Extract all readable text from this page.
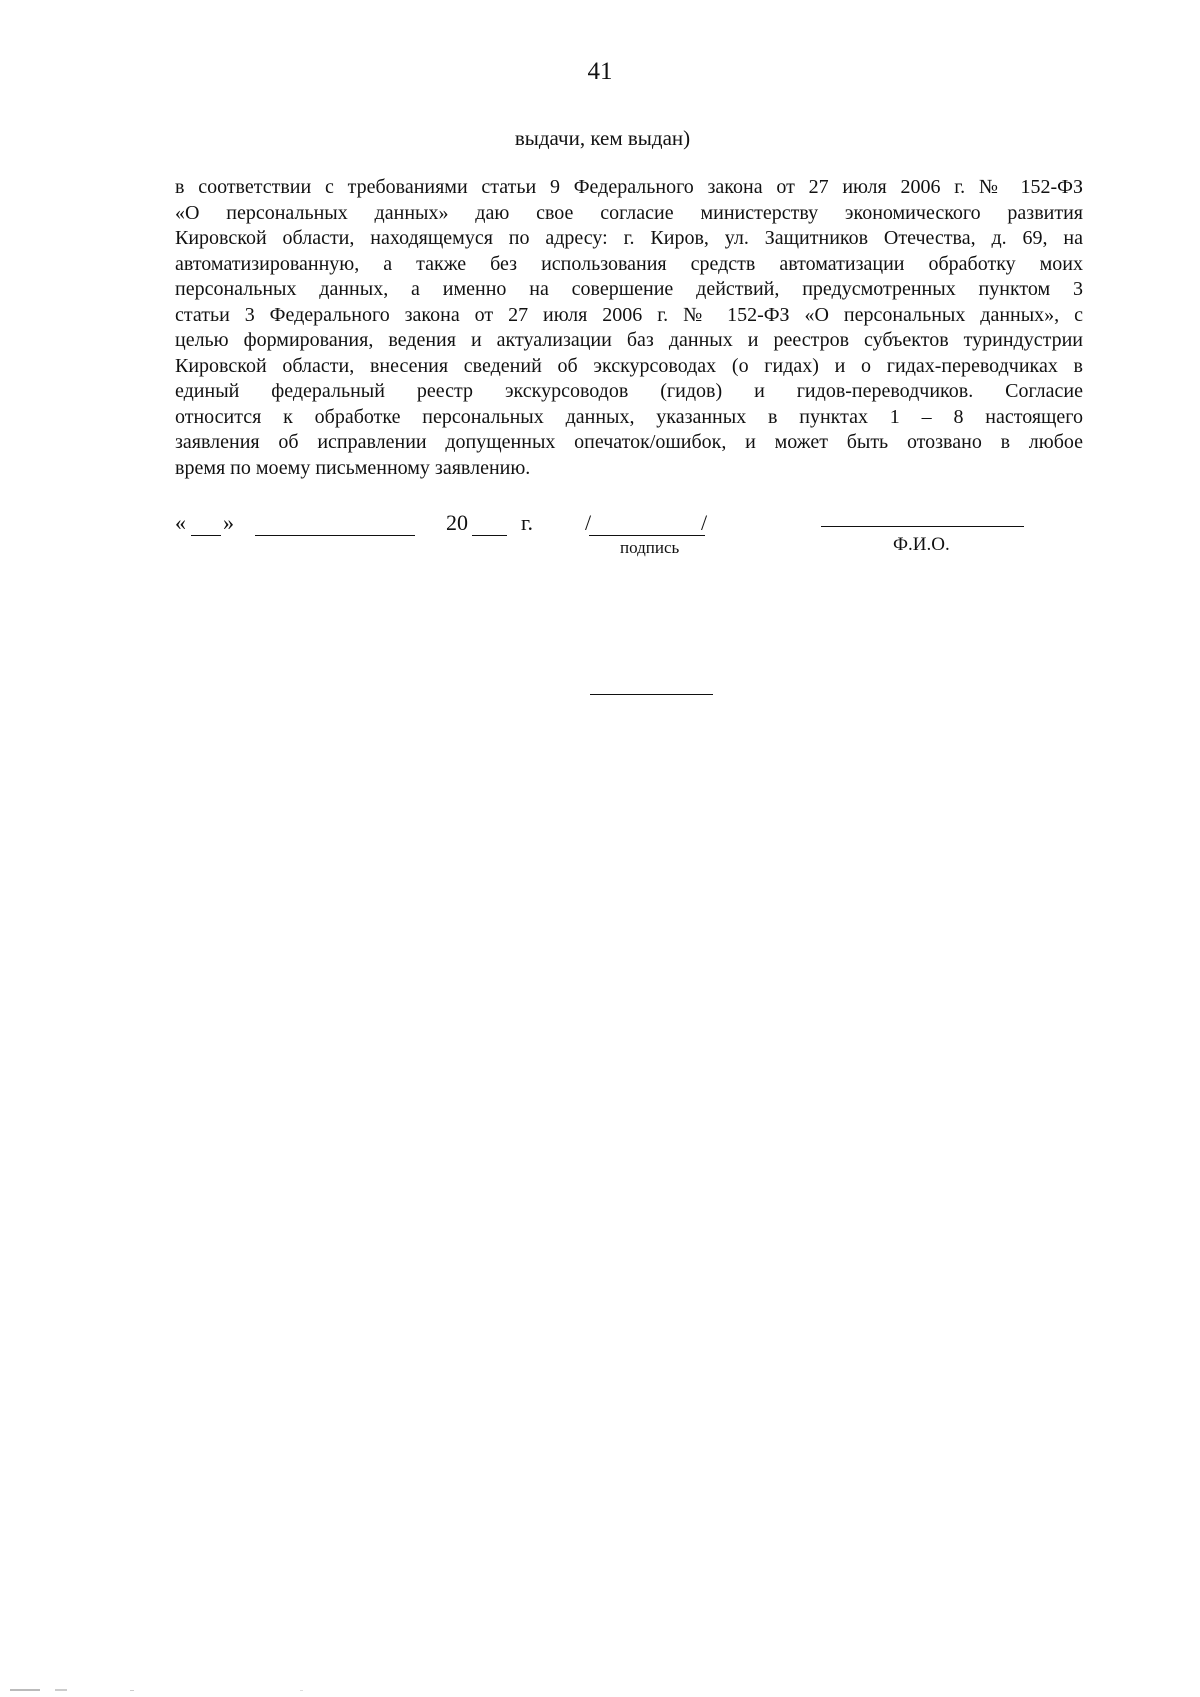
41
выдачи, кем выдан)
в соответствии с требованиями статьи 9 Федерального закона от 27 июля 2006 г. № 152-ФЗ
«О персональных данных» даю свое согласие министерству экономического развития
Кировской области, находящемуся по адресу: г. Киров, ул. Защитников Отечества, д. 69, на
автоматизированную, а также без использования средств автоматизации обработку моих
персональных данных, а именно на совершение действий, предусмотренных пунктом 3
статьи 3 Федерального закона от 27 июля 2006 г. № 152-ФЗ «О персональных данных», с
целью формирования, ведения и актуализации баз данных и реестров субъектов туриндустрии
Кировской области, внесения сведений об экскурсоводах (о гидах) и о гидах-переводчиках в
единый федеральный реестр экскурсоводов (гидов) и гидов-переводчиков. Согласие
относится к обработке персональных данных, указанных в пунктах 1 – 8 настоящего
заявления об исправлении допущенных опечаток/ошибок, и может быть отозвано в любое
время по моему письменному заявлению.
« »	20 г. /	/
подпись	Ф.И.О.
